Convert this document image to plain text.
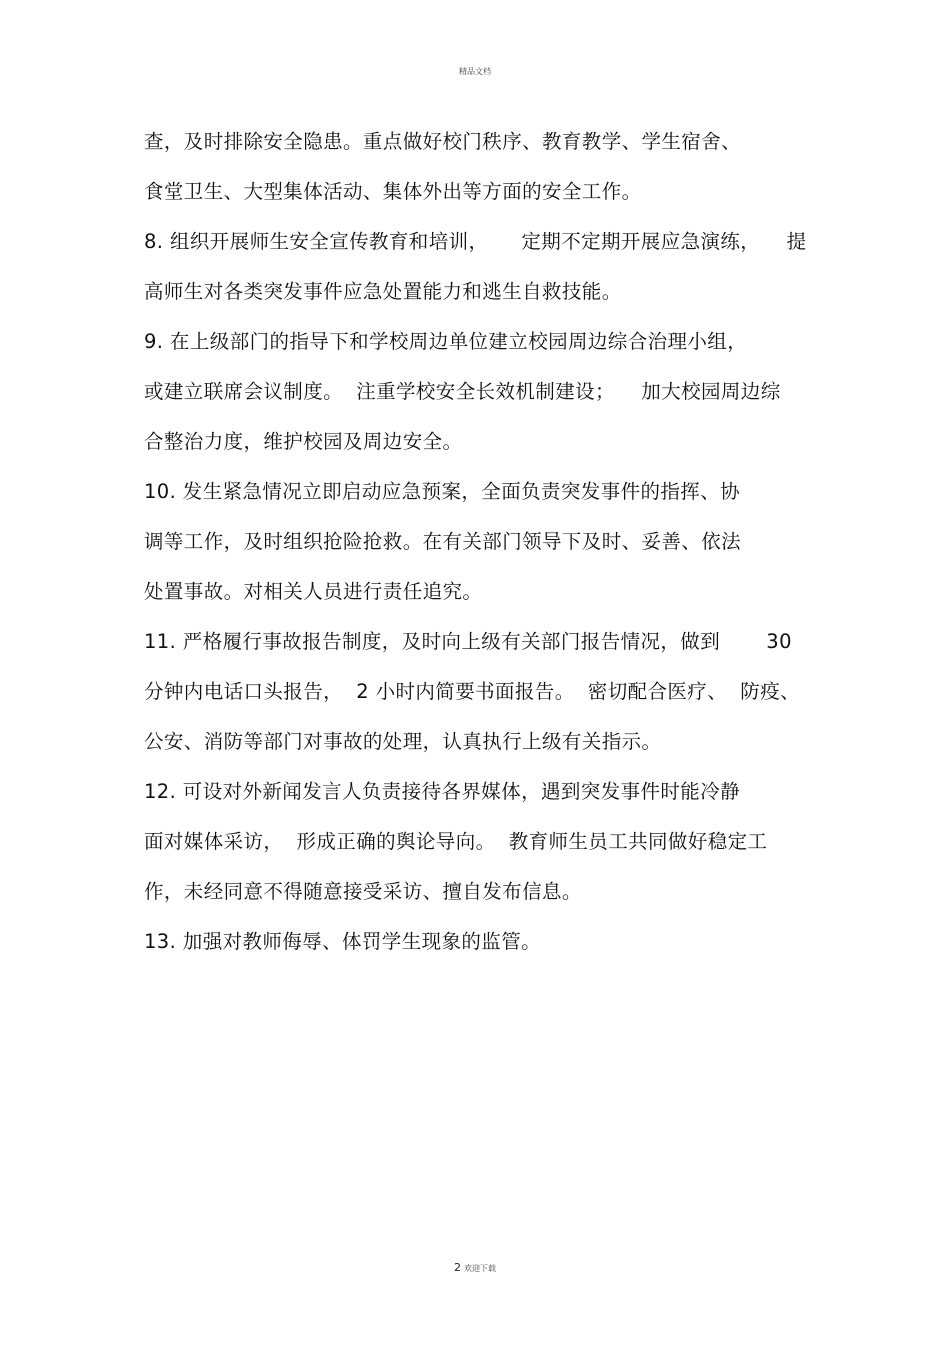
精品文档
查，及时排除安全隐患。重点做好校门秩序、教育教学、学生宿舍、
食堂卫生、大型集体活动、集体外出等方面的安全工作。
8. 组织开展师生安全宣传教育和培训，     定期不定期开展应急演练，    提
高师生对各类突发事件应急处置能力和逃生自救技能。
9. 在上级部门的指导下和学校周边单位建立校园周边综合治理小组，
或建立联席会议制度。  注重学校安全长效机制建设；    加大校园周边综
合整治力度，维护校园及周边安全。
10. 发生紧急情况立即启动应急预案，全面负责突发事件的指挥、协
调等工作，及时组织抢险抢救。在有关部门领导下及时、妥善、依法
处置事故。对相关人员进行责任追究。
11. 严格履行事故报告制度，及时向上级有关部门报告情况，做到       30
分钟内电话口头报告，  2 小时内简要书面报告。  密切配合医疗、  防疫、
公安、消防等部门对事故的处理，认真执行上级有关指示。
12. 可设对外新闻发言人负责接待各界媒体，遇到突发事件时能冷静
面对媒体采访，  形成正确的舆论导向。  教育师生员工共同做好稳定工
作，未经同意不得随意接受采访、擅自发布信息。
13. 加强对教师侮辱、体罚学生现象的监管。
2 欢迎下载
